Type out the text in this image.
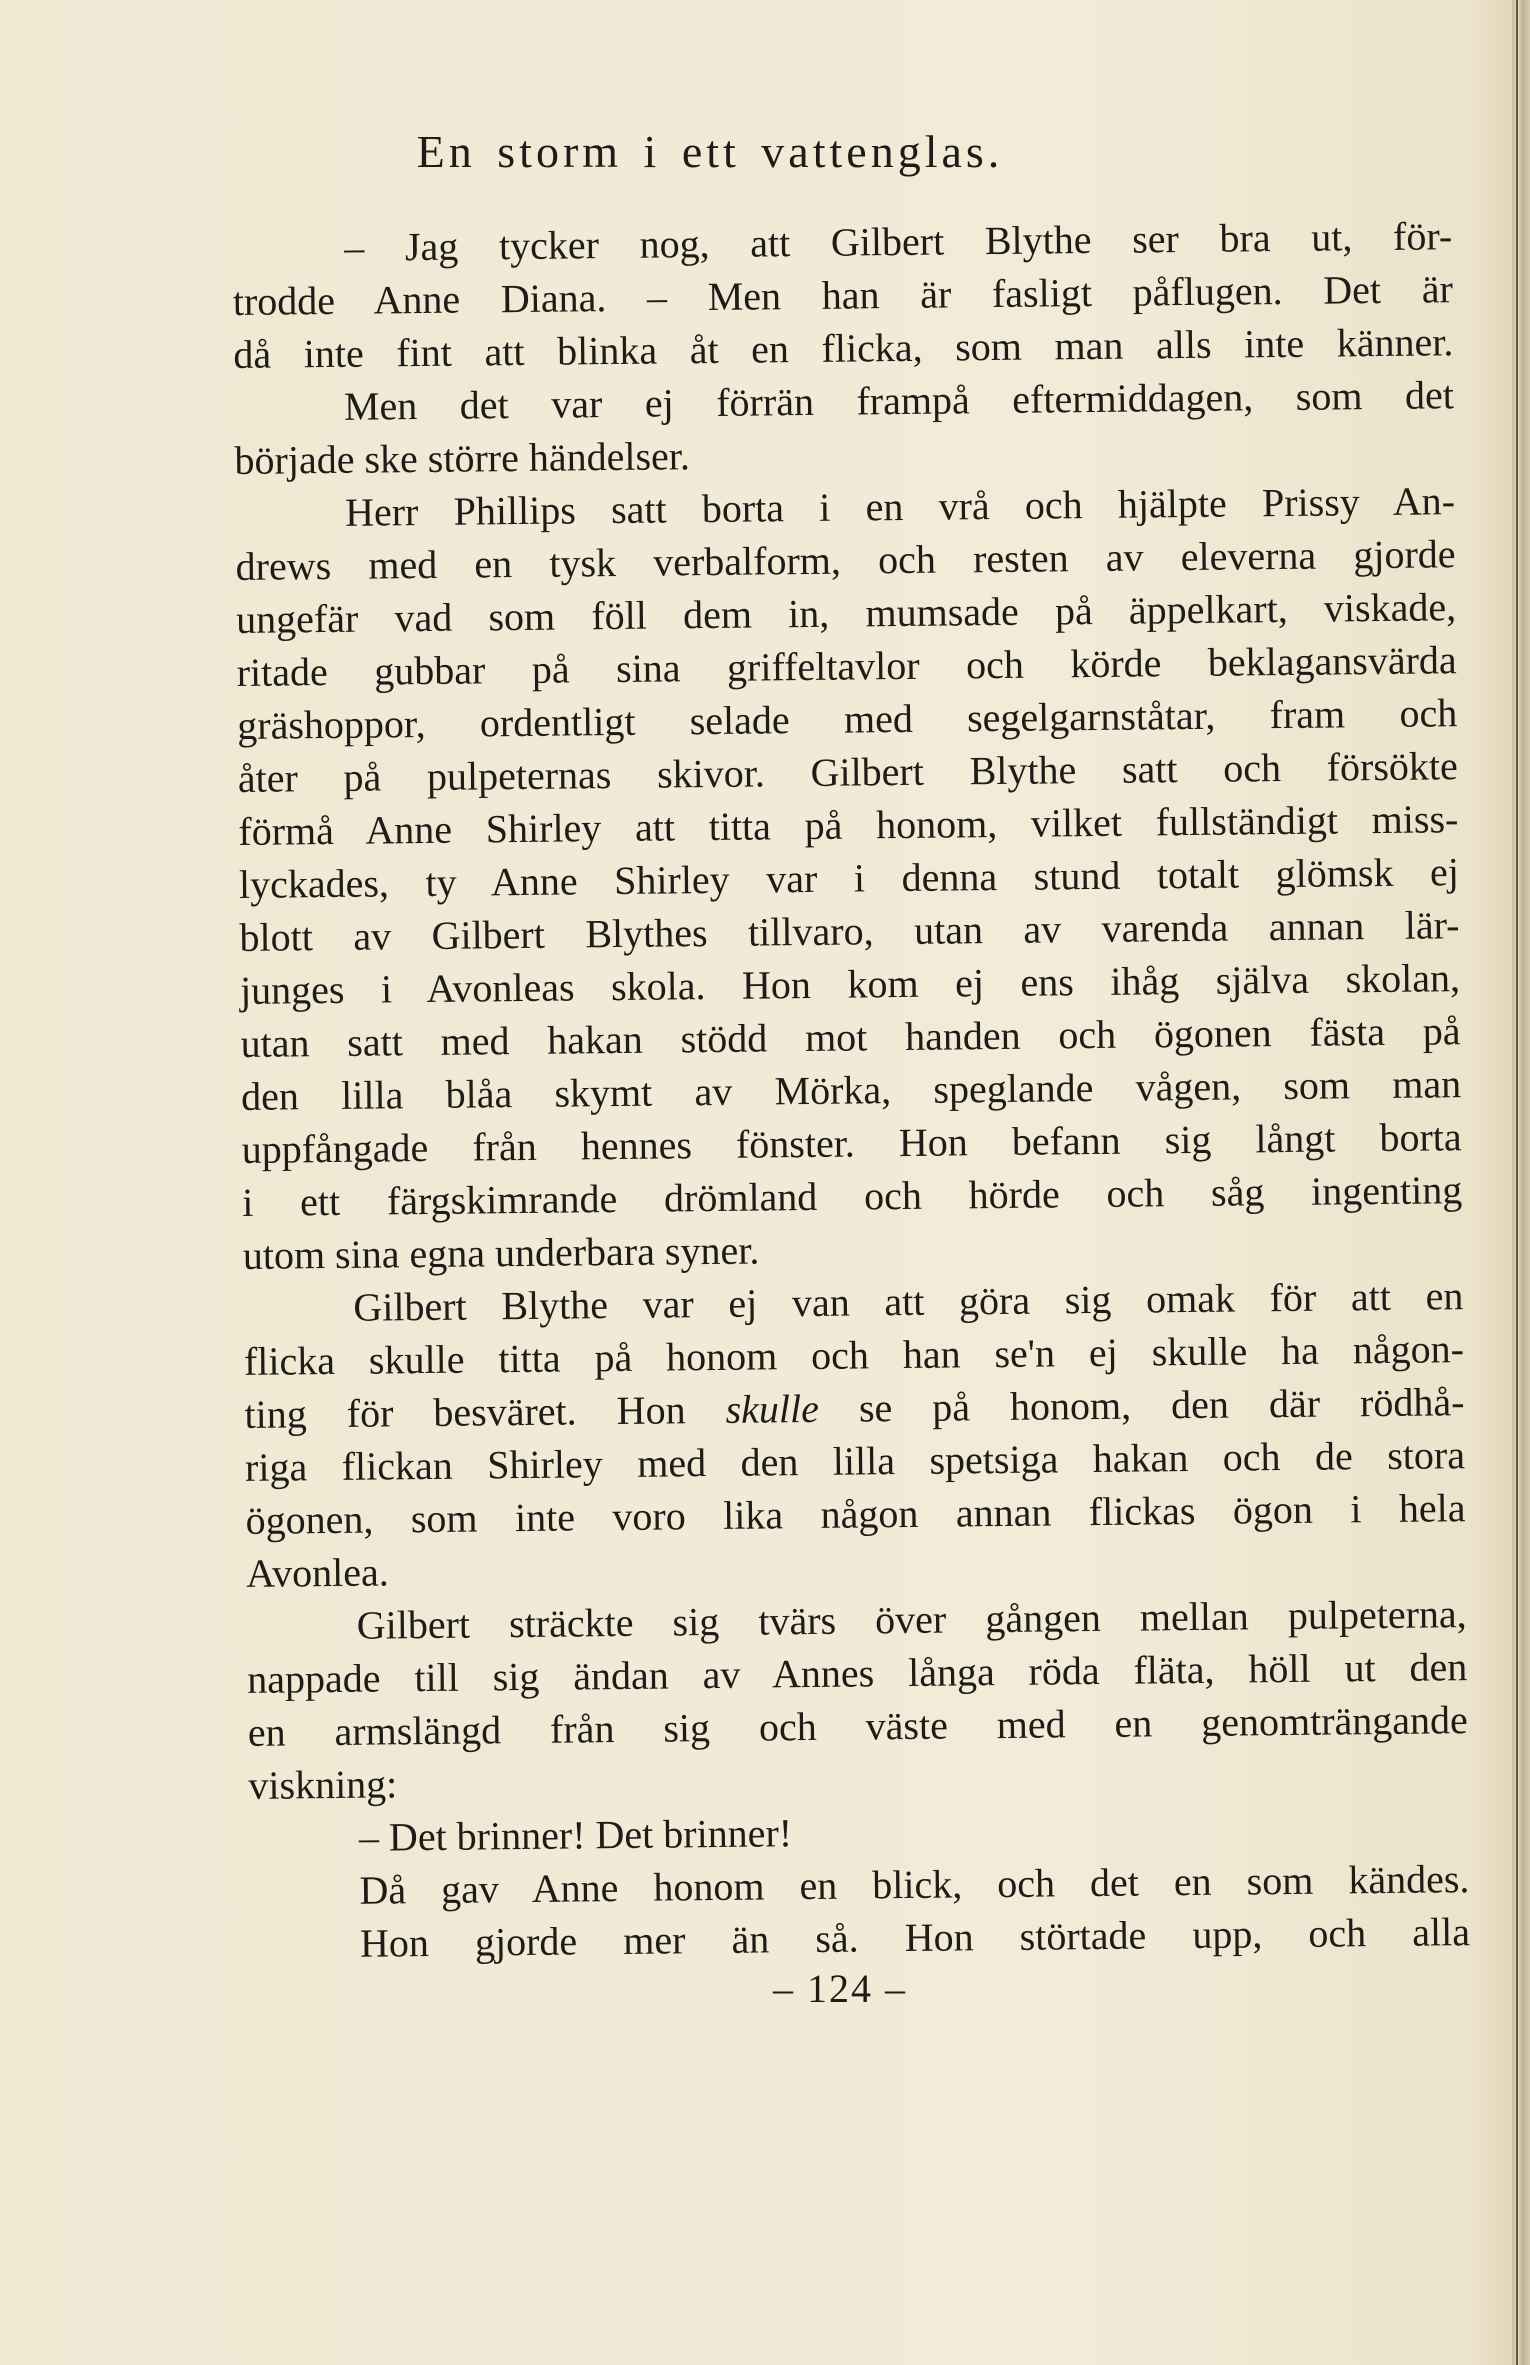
En storm i ett vattenglas.
– Jag tycker nog, att Gilbert Blythe ser bra ut, för-
trodde Anne Diana. – Men han är fasligt påflugen. Det är
då inte fint att blinka åt en flicka, som man alls inte känner.
Men det var ej förrän frampå eftermiddagen, som det
började ske större händelser.
Herr Phillips satt borta i en vrå och hjälpte Prissy An-
drews med en tysk verbalform, och resten av eleverna gjorde
ungefär vad som föll dem in, mumsade på äppelkart, viskade,
ritade gubbar på sina griffeltavlor och körde beklagansvärda
gräshoppor, ordentligt selade med segelgarnståtar, fram och
åter på pulpeternas skivor. Gilbert Blythe satt och försökte
förmå Anne Shirley att titta på honom, vilket fullständigt miss-
lyckades, ty Anne Shirley var i denna stund totalt glömsk ej
blott av Gilbert Blythes tillvaro, utan av varenda annan lär-
junges i Avonleas skola. Hon kom ej ens ihåg själva skolan,
utan satt med hakan stödd mot handen och ögonen fästa på
den lilla blåa skymt av Mörka, speglande vågen, som man
uppfångade från hennes fönster. Hon befann sig långt borta
i ett färgskimrande drömland och hörde och såg ingenting
utom sina egna underbara syner.
Gilbert Blythe var ej van att göra sig omak för att en
flicka skulle titta på honom och han se'n ej skulle ha någon-
ting för besväret. Hon skulle se på honom, den där rödhå-
riga flickan Shirley med den lilla spetsiga hakan och de stora
ögonen, som inte voro lika någon annan flickas ögon i hela
Avonlea.
Gilbert sträckte sig tvärs över gången mellan pulpeterna,
nappade till sig ändan av Annes långa röda fläta, höll ut den
en armslängd från sig och väste med en genomträngande
viskning:
– Det brinner! Det brinner!
Då gav Anne honom en blick, och det en som kändes.
Hon gjorde mer än så. Hon störtade upp, och alla
– 124 –
